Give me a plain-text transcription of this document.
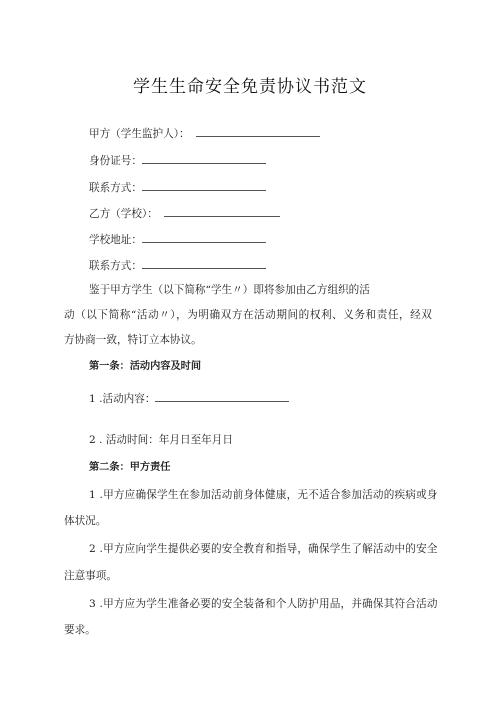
学生生命安全免责协议书范文
甲方（学生监护人）：
身份证号：
联系方式：
乙方（学校）：
学校地址：
联系方式：
鉴于甲方学生（以下简称“学生〃）即将参加由乙方组织的活
动（以下简称“活动〃），为明确双方在活动期间的权利、义务和责任，经双
方协商一致，特订立本协议。
第一条：活动内容及时间
1 .活动内容：
2 . 活动时间：年月日至年月日
第二条：甲方责任
1 .甲方应确保学生在参加活动前身体健康，无不适合参加活动的疾病或身
体状况。
2 .甲方应向学生提供必要的安全教育和指导，确保学生了解活动中的安全
注意事项。
3 .甲方应为学生准备必要的安全装备和个人防护用品，并确保其符合活动
要求。
